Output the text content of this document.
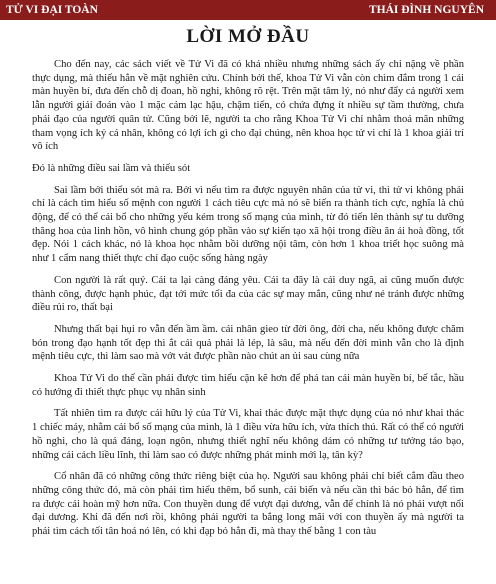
TỬ VI ĐẠI TOÀN	THÁI ĐÌNH NGUYÊN
LỜI MỞ ĐẦU

Cho đến nay, các sách viết về Tử Vi đã có khá nhiều nhưng những sách ấy chỉ nặng về phần thực dụng, mà thiếu hẳn về mặt nghiên cứu. Chính bởi thế, khoa Tử Vi vẫn còn chìm đắm trong 1 cái màn huyền bí, đưa đến chỗ dị đoan, hồ nghi, không rõ rệt. Trên mặt tâm lý, nó như đẩy cả người xem lẫn người giải đoán vào 1 mặc cảm lạc hậu, chậm tiến, có chứa đựng ít nhiều sự tầm thường, chưa phải đạo của người quân tử. Cũng bởi lẽ, người ta cho rằng Khoa Tử Vi chỉ nhằm thoả mãn những tham vọng ích kỷ cá nhân, không có lợi ích gì cho đại chúng, nên khoa học tử vi chỉ là 1 khoa giải trí vô ích

Đó là những điều sai lầm và thiếu sót

Sai lầm bởi thiếu sót mà ra. Bởi vì nếu tìm ra được nguyên nhân của tử vi, thì tử vi không phải chỉ là cách tìm hiểu số mệnh con người 1 cách tiêu cực mà nó sẽ biến ra thành tích cực, nghĩa là chủ động, để có thể cải bổ cho những yếu kém trong số mạng của mình, từ đó tiến lên thành sự tu dưỡng thăng hoa của linh hồn, vô hình chung góp phần vào sự kiến tạo xã hội trong điều ăn ái hoà đồng, tốt đẹp. Nói 1 cách khác, nó là khoa học nhằm bồi dưỡng nội tâm, còn hơn 1 khoa triết học suông mà như 1 cẩm nang thiết thực chỉ đạo cuộc sống hàng ngày

Con người là rất quý. Cái ta lại càng đáng yêu. Cái ta đây là cái duy ngã, ai cũng muốn được thành công, được hạnh phúc, đạt tới mức tối đa của các sự may mắn, cũng như né tránh được những điều rủi ro, thất bại

Nhưng thất bại hụi ro vẫn đến ầm ầm. cái nhân gieo từ đời ông, đời cha, nếu không được chăm bón trong đạo hạnh tốt đẹp thì ắt cái quả phải là lép, là sâu, mà nếu đến đời mình vẫn cho là định mệnh tiêu cực, thì làm sao mà vớt vát được phần nào chút an ủi sau cùng nữa

Khoa Tử Vi do thế cần phải được tìm hiểu cặn kẽ hơn để phá tan cái màn huyền bí, bế tắc, hầu có hướng đi thiết thực phục vụ nhân sinh

Tất nhiên tìm ra được cái hữu lý của Tử Vi, khai thác được mặt thực dụng của nó như khai thác 1 chiếc máy, nhằm cải bổ số mạng của mình, là 1 điều vừa hữu ích, vừa thích thú. Rất có thể có người hồ nghi, cho là quá đáng, loạn ngôn, nhưng thiết nghĩ nếu không dám có những tư tưởng táo bạo, những cái cách liều lĩnh, thì làm sao có được những phát minh mới lạ, tân kỳ?

Cổ nhân đã có những công thức riêng biệt của họ. Người sau không phải chỉ biết cắm đầu theo những công thức đó, mà còn phải tìm hiểu thêm, bổ sunh, cải biến và nếu cần thì bác bỏ hẳn, để tìm ra được cái hoàn mỹ hơn nữa. Con thuyền dung để vượt đại dương, vẫn để chính là nó phải vượt nổi đại dương. Khi đã đến nơi rồi, không phải người ta bắng long mãi với con thuyền ấy mà người ta phải tìm cách tối tân hoá nó lên, có khi đạp bỏ hẳn đi, mà thay thế bằng 1 con tàu
